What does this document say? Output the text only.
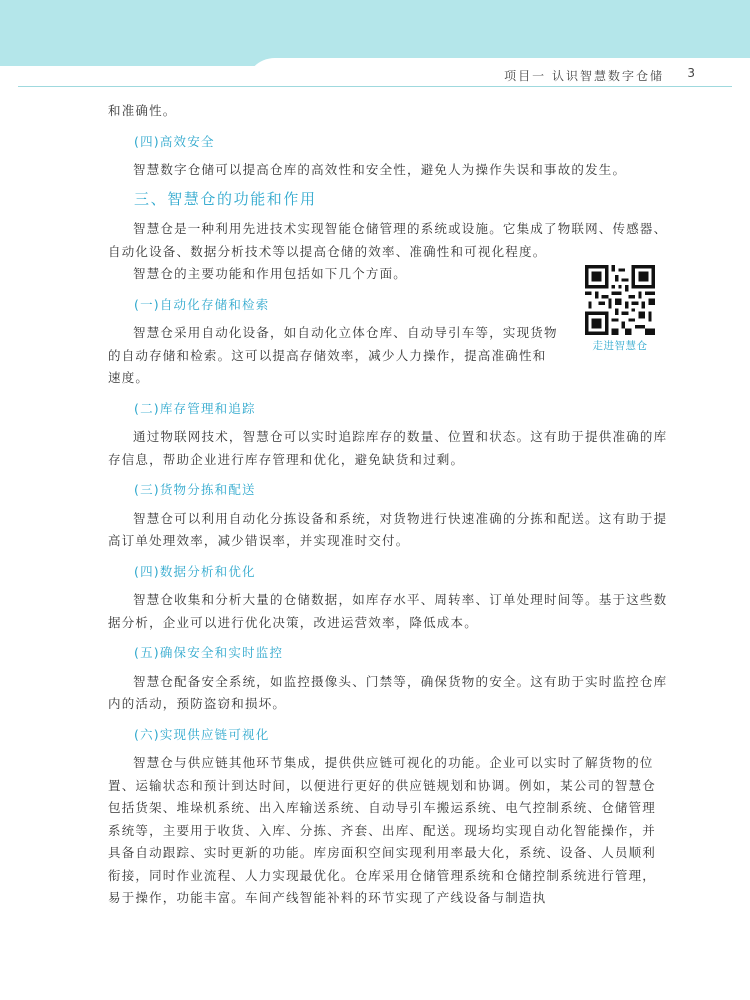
项目一 认识智慧数字仓储	3

和准确性。

(四)高效安全

智慧数字仓储可以提高仓库的高效性和安全性，避免人为操作失误和事故的发生。

三、智慧仓的功能和作用

智慧仓是一种利用先进技术实现智能仓储管理的系统或设施。它集成了物联网、传感器、自动化设备、数据分析技术等以提高仓储的效率、准确性和可视化程度。

走进智慧仓

智慧仓的主要功能和作用包括如下几个方面。

(一)自动化存储和检索

智慧仓采用自动化设备，如自动化立体仓库、自动导引车等，实现货物的自动存储和检索。这可以提高存储效率，减少人力操作，提高准确性和速度。

(二)库存管理和追踪

通过物联网技术，智慧仓可以实时追踪库存的数量、位置和状态。这有助于提供准确的库存信息，帮助企业进行库存管理和优化，避免缺货和过剩。

(三)货物分拣和配送

智慧仓可以利用自动化分拣设备和系统，对货物进行快速准确的分拣和配送。这有助于提高订单处理效率，减少错误率，并实现准时交付。

(四)数据分析和优化

智慧仓收集和分析大量的仓储数据，如库存水平、周转率、订单处理时间等。基于这些数据分析，企业可以进行优化决策，改进运营效率，降低成本。

(五)确保安全和实时监控

智慧仓配备安全系统，如监控摄像头、门禁等，确保货物的安全。这有助于实时监控仓库内的活动，预防盗窃和损坏。

(六)实现供应链可视化

智慧仓与供应链其他环节集成，提供供应链可视化的功能。企业可以实时了解货物的位置、运输状态和预计到达时间，以便进行更好的供应链规划和协调。例如，某公司的智慧仓包括货架、堆垛机系统、出入库输送系统、自动导引车搬运系统、电气控制系统、仓储管理系统等，主要用于收货、入库、分拣、齐套、出库、配送。现场均实现自动化智能操作，并具备自动跟踪、实时更新的功能。库房面积空间实现利用率最大化，系统、设备、人员顺利衔接，同时作业流程、人力实现最优化。仓库采用仓储管理系统和仓储控制系统进行管理，易于操作，功能丰富。车间产线智能补料的环节实现了产线设备与制造执
